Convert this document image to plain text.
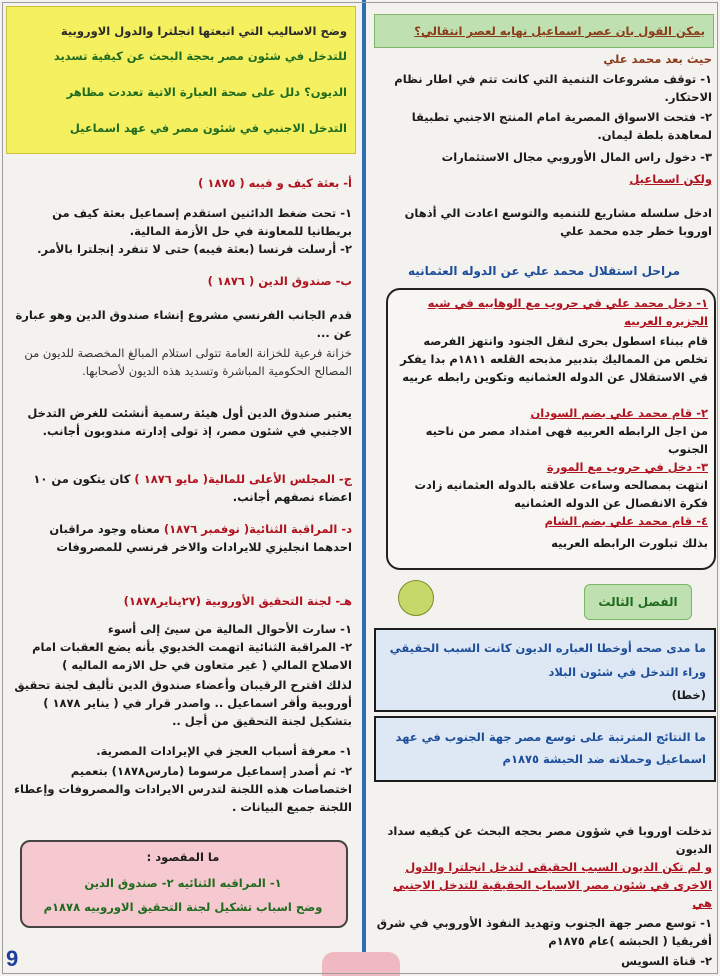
يمكن القول بان عصر اسماعيل نهايه لعصر انتقالي؟

حيث بعد محمد علي

١- توقف مشروعات التنمية التي كانت تتم في اطار نظام الاحتكار.

٢- فتحت الاسواق المصرية امام المنتج الاجنبي تطبيقا لمعاهدة بلطة ليمان.

٣- دخول راس المال الأوروبي مجال الاستثمارات

ولكن اسماعيل

ادخل سلسله مشاريع للتنميه والتوسع اعادت الي أذهان اوروبا خطر جده محمد علي

مراحل استقلال محمد علي عن الدوله العثمانيه

١- دخل محمد علي في حروب مع الوهابيه في شبه الجزيره العربيه

قام ببناء اسطول بحرى لنقل الجنود وانتهز الفرصه تخلص من المماليك بتدبير مذبحه القلعه ١٨١١م بدا يفكر في الاستقلال عن الدوله العثمانيه وتكوين رابطه عربيه

٢- قام محمد علي بضم السودان

من اجل الرابطه العربيه فهى امتداد مصر من ناحيه الجنوب

٣- دخل في حروب مع المورة

انتهت بمصالحه وساءت علاقته بالدوله العثمانيه زادت فكرة الانفصال عن الدوله العثمانيه

٤- قام محمد علي بضم الشام

بذلك تبلورت الرابطه العربيه

الفصل الثالث

ما مدى صحه أوخطا العباره الديون كانت السبب الحقيقي وراء التدخل في شئون البلاد

(خطا)

ما النتائج المترتبة على توسع مصر جهة الجنوب في عهد اسماعيل وحملاته ضد الحبشة ١٨٧٥م

تدخلت اوروبا في شؤون مصر بحجه البحث عن كيفيه سداد الديون

و لم تكن الديون السبب الحقيقى لتدخل انجلترا والدول الاخرى في شئون مصر الاسباب الحقيقية للتدخل الاجنبي هي

١- توسع مصر جهة الجنوب وتهديد النفوذ الأوروبي في شرق أفريقيا ( الحبشه )عام ١٨٧٥م

٢- قناة السويس

وضح الاساليب التي اتبعتها انجلترا والدول الاوروبية

للتدخل في شئون مصر بحجة البحث عن كيفية تسديد

الديون؟ دلل على صحة العبارة الاتية تعددت مظاهر

التدخل الاجنبي في شئون مصر في عهد اسماعيل

أ- بعثة كيف و فيبه ( ١٨٧٥ )

١- تحت ضغط الدائنين استقدم إسماعيل بعثة كيف من بريطانيا للمعاونة في حل الأزمة المالية.

٢- أرسلت فرنسا (بعثة فيبه) حتى لا تنفرد إنجلترا بالأمر.

ب- صندوق الدين ( ١٨٧٦ )

قدم الجانب الفرنسي مشروع إنشاء صندوق الدين وهو عبارة عن ...

خزانة فرعية للخزانة العامة تتولى استلام المبالغ المخصصة للديون من المصالح الحكومية المباشرة وتسديد هذه الديون لأصحابها.

يعتبر صندوق الدين أول هيئة رسمية أنشئت للغرض التدخل الاجنبي في شئون مصر، إذ تولى إدارته مندوبون أجانب.

ج- المجلس الأعلى للمالية( مايو ١٨٧٦ ) كان يتكون من ١٠ اعضاء نصفهم أجانب.

د- المراقبة الثنائية( نوفمبر ١٨٧٦) معناه وجود مراقبان احدهما انجليزي للايرادات والاخر فرنسي للمصروفات

هـ- لجنة التحقيق الأوروبية (٢٧يناير١٨٧٨)

١- سارت الأحوال المالية من سيئ إلى أسوء

٢- المراقبة الثنائية اتهمت الخديوي بأنه يضع العقبات امام الاصلاح المالي ( غير متعاون في حل الازمه الماليه )

لذلك اقترح الرقيبان وأعضاء صندوق الدين تأليف لجنة تحقيق أوروبية وأقر اسماعيل .. واصدر قرار في ( يناير ١٨٧٨ ) بتشكيل لجنة التحقيق من أجل ..

١- معرفة أسباب العجز في الإيرادات المصرية.

٢- ثم أصدر إسماعيل مرسوما (مارس١٨٧٨) بتعميم اختصاصات هذه اللجنة لتدرس الايرادات والمصروفات وإعطاء اللجنة جميع البيانات .

ما المقصود :

١- المراقبه الثنائيه ٢- صندوق الدين

وضح اسباب تشكيل لجنة التحقيق الاوروبيه ١٨٧٨م

9
